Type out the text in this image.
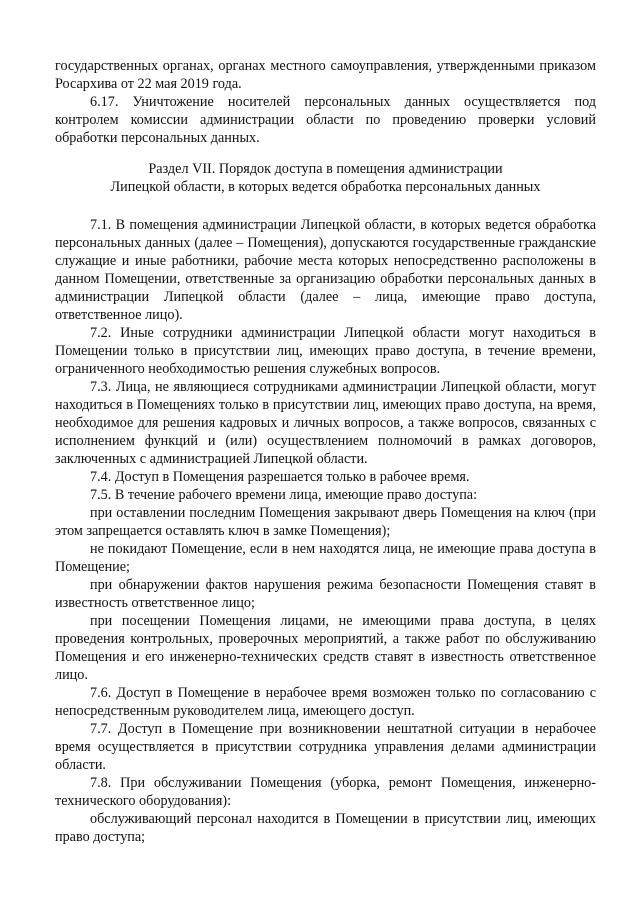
государственных органах, органах местного самоуправления, утвержденными приказом Росархива от 22 мая 2019 года.

6.17. Уничтожение носителей персональных данных осуществляется под контролем комиссии администрации области по проведению проверки условий обработки персональных данных.

Раздел VII. Порядок доступа в помещения администрации

Липецкой области, в которых ведется обработка персональных данных

7.1. В помещения администрации Липецкой области, в которых ведется обработка персональных данных (далее – Помещения), допускаются государственные гражданские служащие и иные работники, рабочие места которых непосредственно расположены в данном Помещении, ответственные за организацию обработки персональных данных в администрации Липецкой области (далее – лица, имеющие право доступа, ответственное лицо).

7.2. Иные сотрудники администрации Липецкой области могут находиться в Помещении только в присутствии лиц, имеющих право доступа, в течение времени, ограниченного необходимостью решения служебных вопросов.

7.3. Лица, не являющиеся сотрудниками администрации Липецкой области, могут находиться в Помещениях только в присутствии лиц, имеющих право доступа, на время, необходимое для решения кадровых и личных вопросов, а также вопросов, связанных с исполнением функций и (или) осуществлением полномочий в рамках договоров, заключенных с администрацией Липецкой области.

7.4. Доступ в Помещения разрешается только в рабочее время.

7.5. В течение рабочего времени лица, имеющие право доступа:

при оставлении последним Помещения закрывают дверь Помещения на ключ (при этом запрещается оставлять ключ в замке Помещения);

не покидают Помещение, если в нем находятся лица, не имеющие права доступа в Помещение;

при обнаружении фактов нарушения режима безопасности Помещения ставят в известность ответственное лицо;

при посещении Помещения лицами, не имеющими права доступа, в целях проведения контрольных, проверочных мероприятий, а также работ по обслуживанию Помещения и его инженерно-технических средств ставят в известность ответственное лицо.

7.6. Доступ в Помещение в нерабочее время возможен только по согласованию с непосредственным руководителем лица, имеющего доступ.

7.7. Доступ в Помещение при возникновении нештатной ситуации в нерабочее время осуществляется в присутствии сотрудника управления делами администрации области.

7.8. При обслуживании Помещения (уборка, ремонт Помещения, инженерно-технического оборудования):

обслуживающий персонал находится в Помещении в присутствии лиц, имеющих право доступа;
